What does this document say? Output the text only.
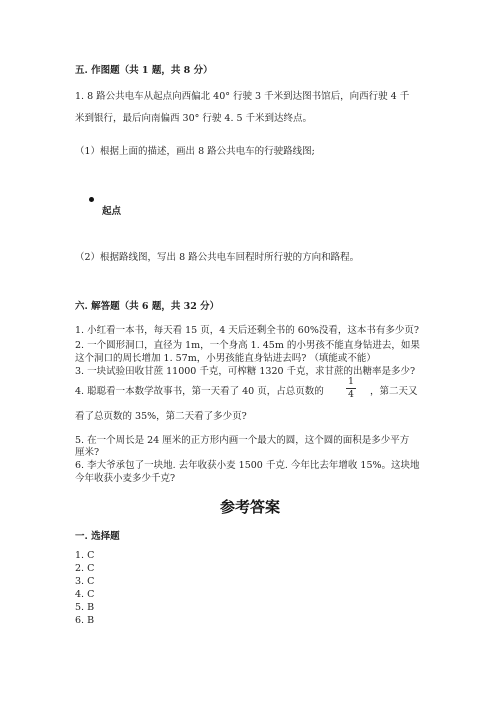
五. 作图题（共 1 题，共 8 分）
1. 8 路公共电车从起点向西偏北 40° 行驶 3 千米到达图书馆后，向西行驶 4 千
米到银行，最后向南偏西 30° 行驶 4. 5 千米到达终点。
（1）根据上面的描述，画出 8 路公共电车的行驶路线图;
起点
（2）根据路线图，写出 8 路公共电车回程时所行驶的方向和路程。
六. 解答题（共 6 题，共 32 分）
1. 小红看一本书，每天看 15 页，4 天后还剩全书的 60%没看，这本书有多少页?
2. 一个圆形洞口，直径为 1m，一个身高 1. 45m 的小男孩不能直身钻进去，如果
这个洞口的周长增加 1. 57m，小男孩能直身钻进去吗? （填能或不能）
3. 一块试验田收甘蔗 11000 千克，可榨糖 1320 千克，求甘蔗的出糖率是多少?
4. 聪聪看一本数学故事书，第一天看了 40 页，占总页数的
1
4 ，第二天又
看了总页数的 35%，第二天看了多少页?
5. 在一个周长是 24 厘米的正方形内画一个最大的圆，这个圆的面积是多少平方
厘米?
6. 李大爷承包了一块地. 去年收获小麦 1500 千克. 今年比去年增收 15%。这块地
今年收获小麦多少千克?
参考答案
一. 选择题
1. C
2. C
3. C
4. C
5. B
6. B
